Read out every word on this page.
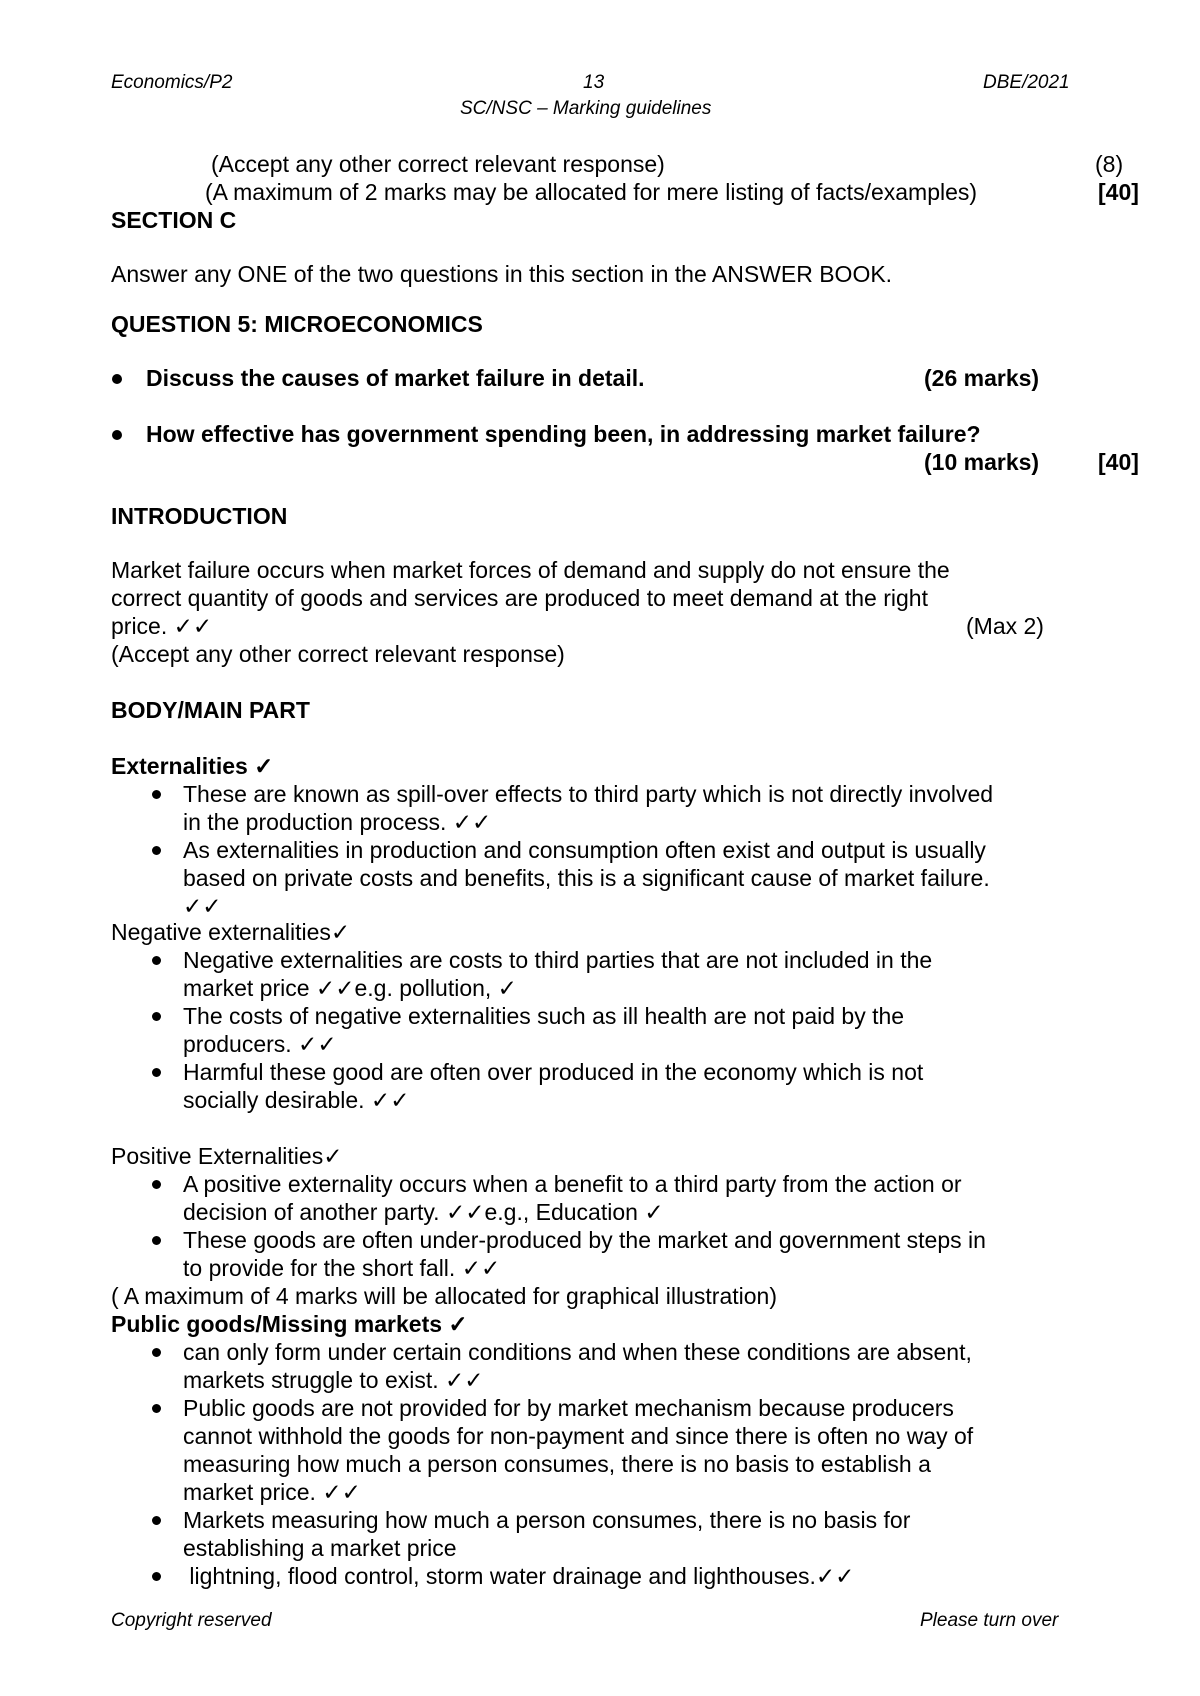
Economics/P2	13	DBE/2021
SC/NSC – Marking guidelines
(Accept any other correct relevant response)	(8)
(A maximum of 2 marks may be allocated for mere listing of facts/examples)	[40]
SECTION C
Answer any ONE of the two questions in this section in the ANSWER BOOK.
QUESTION 5: MICROECONOMICS
Discuss the causes of market failure in detail.	(26 marks)
How effective has government spending been, in addressing market failure?
(10 marks)	[40]
INTRODUCTION
Market failure occurs when market forces of demand and supply do not ensure the
correct quantity of goods and services are produced to meet demand at the right
price. ✓✓	(Max 2)
(Accept any other correct relevant response)
BODY/MAIN PART
Externalities ✓
These are known as spill-over effects to third party which is not directly involved
in the production process. ✓✓
As externalities in production and consumption often exist and output is usually
based on private costs and benefits, this is a significant cause of market failure.
✓✓
Negative externalities✓
Negative externalities are costs to third parties that are not included in the
market price ✓✓e.g. pollution, ✓
The costs of negative externalities such as ill health are not paid by the
producers. ✓✓
Harmful these good are often over produced in the economy which is not
socially desirable. ✓✓
Positive Externalities✓
A positive externality occurs when a benefit to a third party from the action or
decision of another party. ✓✓e.g., Education ✓
These goods are often under-produced by the market and government steps in
to provide for the short fall. ✓✓
( A maximum of 4 marks will be allocated for graphical illustration)
Public goods/Missing markets ✓
can only form under certain conditions and when these conditions are absent,
markets struggle to exist. ✓✓
Public goods are not provided for by market mechanism because producers
cannot withhold the goods for non-payment and since there is often no way of
measuring how much a person consumes, there is no basis to establish a
market price. ✓✓
Markets measuring how much a person consumes, there is no basis for
establishing a market price
lightning, flood control, storm water drainage and lighthouses.✓✓
Copyright reserved	Please turn over
